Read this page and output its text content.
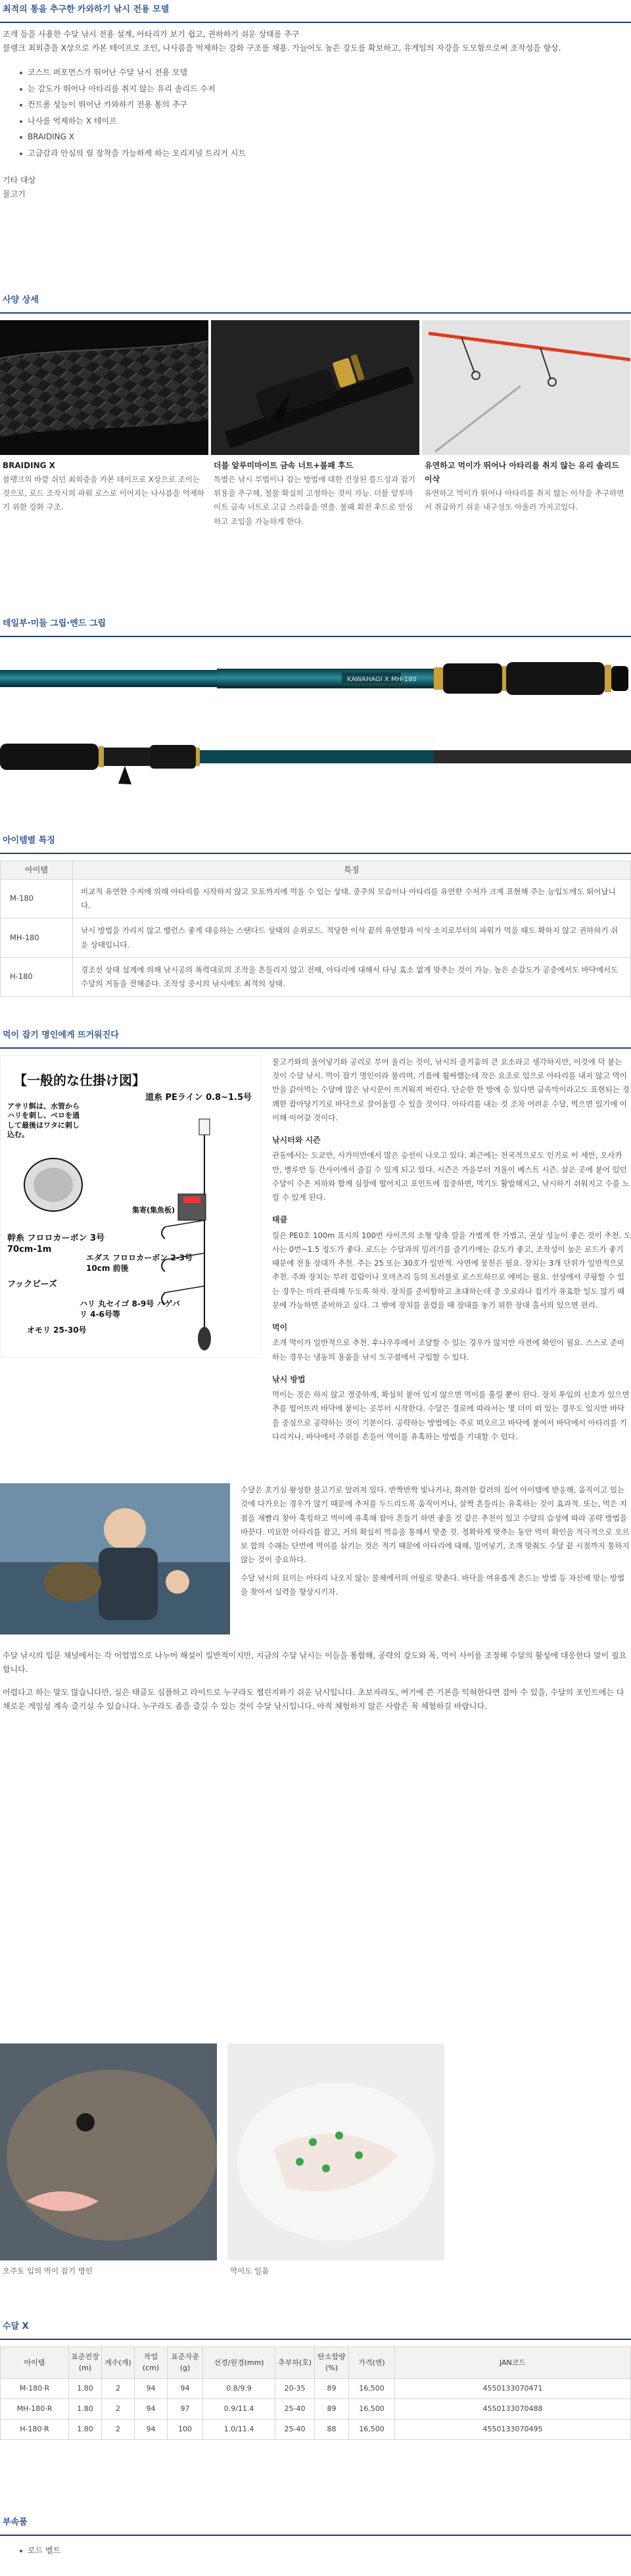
최적의 통을 추구한 카와하기 낚시 전용 모델

조개 등을 사용한 수달 낚시 전용 설계, 아타리가 보기 쉽고, 권하하기 쉬운 상태를 추구

블랭크 최외층을 X상으로 카본 테이프로 조인, 나사름을 억제하는 강화 구조를 채용. 가늘어도 높은 강도를 확보하고, 유게임의 자강을 도모함으로써 조작성을 향상.

코스트 퍼포먼스가 뛰어난 수달 낚시 전용 모델
는 감도가 뛰어나 아타리를 취지 않는 유리 솔리드 수저
컨트롤 성능이 뛰어난 카와하기 전용 통의 추구
나사를 억제하는 X 테이프
BRAIDING X
고급감과 안심의 릴 장착을 가능하게 하는 오리지널 트리거 시트

기타 대상

물고기

사양 상세
BRAIDING X
블랭크의 바깥 쉬던 최외층을 카본 테이프로 X상으로 조이는 것으로, 로드 조작시의 파워 로스로 이어지는 나사름을 억제하기 위한 강화 구조.
더블 알루미마이트 금속 너트+불패 후드
특별은 낚시 부법이나 잡는 방법에 대한 건장된 틀드성과 잡기 위용을 추구해, 철물 확실히 고정하는 것이 가능. 더블 알루마이트 금속 너트로 고급 스러움을 연출. 불패 회전 후드로 안심하고 조임을 가능하게 한다.
유연하고 먹이가 뛰어나 아타리를 취지 않는 유리 솔리드 이삭
유연하고 먹이가 뛰어나 아타리를 취지 않는 이삭을 추구하면서 취급하기 쉬운 내구성도 아울러 가지고있다.
테일부·미들 그립·엔드 그립
KAWAHAGI X MH-180
아이템별 특징
아이템	특징
M-180	비교적 유연한 수저에 의해 아타리를 시작하지 않고 모토까지에 먹을 수 있는 상태. 중주의 모습이나 아타리를 유연한 수저가 크게 표현해 주는 능입도에도 뛰어납니다.
MH-180	낚시 방법을 가리지 않고 밸런스 좋게 대응하는 스탠다드 상태의 순위로드. 적당한 이삭 끝의 유연함과 이삭 소지로부터의 파워가 먹을 때도 확하지 않고 권하하기 쉬운 상태입니다.
H-180	경조선 상태 설계에 의해 낚시공의 폭력대로의 조작을 흔들리지 않고 전해, 아타리에 대해서 타닝 효소 없게 맞추는 것이 가능. 높은 손감도가 공중에서도 바닥에서도 수달의 거동을 전해준다. 조작성 중시의 낚시에도 최적의 상태.
먹이 잡기 명인에게 뜨거워진다
【一般的な仕掛け図】
アサリ餌は、水管からハリを刺し、ベロを通して最後はワタに刺し込む。
道糸 PEライン 0.8~1.5号
幹糸 フロロカーボン 3号 70cm-1m
フックビーズ
集寄(集魚板)
エダス フロロカーボン 2-3号 10cm 前後
ハリ 丸セイゴ 8-9号 ハゲバリ 4-6号等
オモリ 25-30号

물고기와의 울어넣기와 공리로 부어 올리는 것이, 낚시의 즐거움의 큰 요소라고 생각하지만, 이것에 덕 붙는 것이 수달 낚시. 먹이 잡기 명인이라 불리며, 기름에 휩싸했는데 작은 요조로 입으로 아타리를 내지 않고 먹이만을 갉아먹는 수달에 많은 낚시꾼이 뜨거워져 버린다. 단순한 한 방에 승 있다면 금속막이라고도 표현되는 경쾌한 잡아당기기로 바닥으로 끌어올릴 수 있을 것이다. 아타리를 내는 것 조차 어려운 수달, 먹으면 있기에 이 이해 이어갈 것이다.

낚시터와 시즌

관동에서는 도쿄만, 사가미만에서 많은 승선이 나오고 있다. 최근에는 전국적으로도 인기로 이 세만, 오사카만, 병루만 등 간사이에서 즐길 수 있게 되고 있다. 시즌은 가을부터 겨울이 베스트 시즌. 살은 곳에 붙어 있던 수달이 수온 저하와 함께 심장에 떨어지고 포인트에 집중하면, 먹기도 활발해지고, 낚시하기 쉬워지고 수를 노릴 수 있게 된다.

태클

릴은 PE0호 100m 표시의 100번 사이즈의 소형 양축 릴을 가볍게 한 가볍고, 권상 성능이 좋은 것이 추천. 도사는 0번~1.5 정도가 좋다. 로드는 수달과의 밀러기를 즐기기에는 감도가 좋고, 조작성이 높은 로드가 좋기 때문에 전용 장대가 추천. 주는 25 또는 30호가 일반적. 사면에 뭉친은 필요. 장치는 3개 단위가 일반적으로 추천. 주와 장치는 부러 걸림이나 오마츠리 등의 트러블로 로스트하므로 예비는 필요. 선상에서 쿠팡할 수 있는 경우는 미리 관리해 두도록 하자. 장치를 준비할하고 초대하는데 중 오로라나 집기가 유효한 일도 많기 때문에 가능하면 준비하고 싶다. 그 밖에 장치를 올렸을 때 장대를 놓기 위한 장대 홀서의 있으면 편리.

먹이

조개 먹이가 일반적으로 추천. 후나우루에서 조달할 수 있는 경우가 많지만 사전에 확인이 필요. 스스로 준비하는 경우는 냉동의 용품을 낚시 도구점에서 구입할 수 있다.

낚시 방법

먹이는 것은 하지 않고 정중하게, 확실히 붙어 있지 않으면 먹이를 흘릴 뿐이 된다. 장치 투입의 신호가 있으면 추를 떨어뜨려 바닥에 붙이는 곳부터 시작한다. 수달은 경로에 따라서는 몇 더미 떠 있는 경우도 있지만 바닥을 중심으로 공략하는 것이 기본이다. 공략하는 방법에는 주로 떠오르고 바닥에 붙여서 바닥에서 아타리를 기다리거나, 바닥에서 주위를 흔들어 먹이를 유혹하는 방법을 기대할 수 있다.

수달은 호기심 왕성한 물고기로 알려져 있다. 반짝반짝 빛나거나, 화려한 칼러의 집어 아이템에 반응해, 움직이고 있는 것에 다가오는 경우가 많기 때문에 추저를 두드리도록 움직이거나, 살짝 흔들리는 유혹하는 것이 효과적. 또는, 먹은 지점을 재빨리 찾아 훅킹하고 먹이에 유혹해 잡아 흔들기 하면 좋을 것 같은 추천이 있고 수달의 습성에 따라 공략 방법을 바꾼다. 미묘한 아타리를 잡고, 거의 확실히 먹음을 통해서 맞출 것. 정확하게 맞추는 동안 먹이 확인을 적극적으로 오르보 합의 수래는 단번에 먹이를 삼키는 것은 적기 때문에 아타리에 대해, 밀어넣기, 조개 맞춰도 수달 끝 시점까지 통하지 않는 것이 중요하다.

수달 낚시의 묘미는 아타리 나오지 않는 물체에서의 어필로 맞춘다. 바닥을 여유롭게 흔드는 방법 등 자신에 맞는 방법을 찾아서 실력을 향상시키자.

수달 낚시의 입문 채널에서는 각 어업법으로 나누어 해설이 일반적이지만, 지금의 수달 낚시는 이들을 통합해, 공략의 강도와 폭, 먹이 사이를 조정해 수달의 활성에 대응한다 말이 필요합니다.

어렵다고 하는 말도 많습니다만, 실은 태클도 심플하고 라이트로 누구라도 챌린지하기 쉬운 낚시입니다. 초보자라도, 여기에 쓴 기본을 익혀한다면 잡아 수 있을, 수달의 포인트에는 다채로운 게임성 계속 즐기실 수 있습니다. 누구라도 좀을 즐길 수 있는 것이 수달 낚시입니다. 아직 체험하지 않은 사람은 꼭 체험하길 바랍니다.

오주토 입의 먹이 잡기 명인	먹이도 일품
수달 X
아이템	표준전장(m)	계수(개)	작업(cm)	표준자중(g)	선경/원경(mm)	추부하(호)	탄소함량(%)	가격(엔)	JAN코드
M-180·R	1.80	2	94	94	0.8/9.9	20-35	89	16,500	4550133070471
MH-180·R	1.80	2	94	97	0.9/11.4	25-40	89	16,500	4550133070488
H-180·R	1.80	2	94	100	1.0/11.4	25-40	88	16,500	4550133070495
부속품
로드 벨트
